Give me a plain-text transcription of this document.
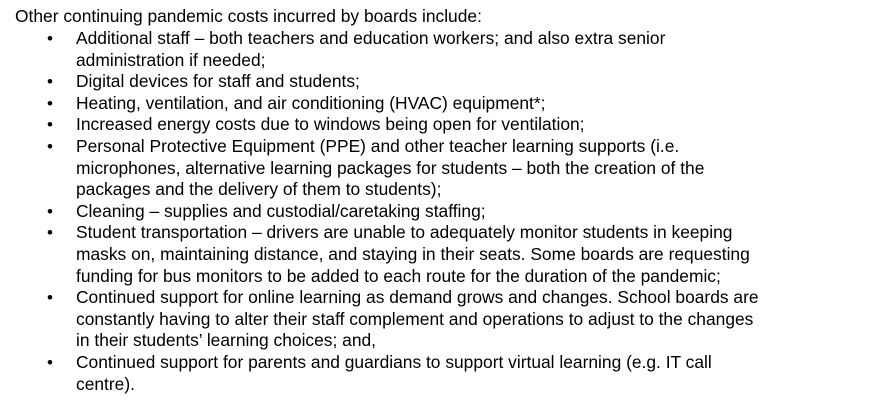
Other continuing pandemic costs incurred by boards include:

• Additional staff – both teachers and education workers; and also extra senior
administration if needed;
• Digital devices for staff and students;
• Heating, ventilation, and air conditioning (HVAC) equipment*;
• Increased energy costs due to windows being open for ventilation;
• Personal Protective Equipment (PPE) and other teacher learning supports (i.e.
microphones, alternative learning packages for students – both the creation of the
packages and the delivery of them to students);
• Cleaning – supplies and custodial/caretaking staffing;
• Student transportation – drivers are unable to adequately monitor students in keeping
masks on, maintaining distance, and staying in their seats. Some boards are requesting
funding for bus monitors to be added to each route for the duration of the pandemic;
• Continued support for online learning as demand grows and changes. School boards are
constantly having to alter their staff complement and operations to adjust to the changes
in their students’ learning choices; and,
• Continued support for parents and guardians to support virtual learning (e.g. IT call
centre).
